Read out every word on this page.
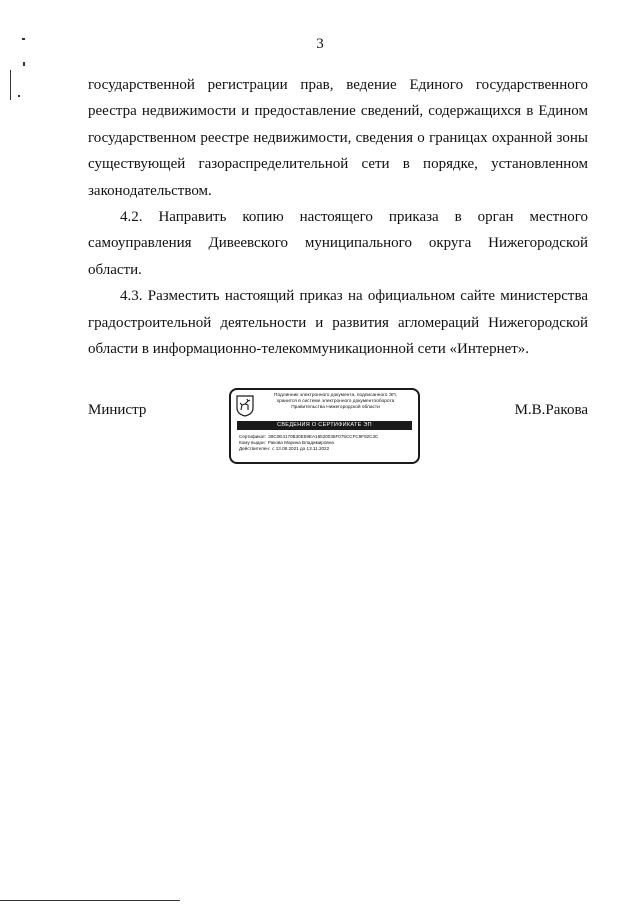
3

государственной регистрации прав, ведение Единого государственного реестра недвижимости и предоставление сведений, содержащихся в Едином государственном реестре недвижимости, сведения о границах охранной зоны существующей газораспределительной сети в порядке, установленном законодательством.

4.2. Направить копию настоящего приказа в орган местного самоуправления Дивеевского муниципального округа Нижегородской области.

4.3. Разместить настоящий приказ на официальном сайте министерства градостроительной деятельности и развития агломераций Нижегородской области в информационно-телекоммуникационной сети «Интернет».

Министр
Подлинник электронного документа, подписанного ЭП,
хранится в системе электронного документооборота
Правительства Нижегородской области
СВЕДЕНИЯ О СЕРТИФИКАТЕ ЭП
Сертификат: 39C0E4170B30E59EA18520035F075CCFC9F92C3C
Кому выдан: Ракова Марина Владимировна
Действителен: с 13.08.2021 до 13.11.2022
М.В.Ракова
